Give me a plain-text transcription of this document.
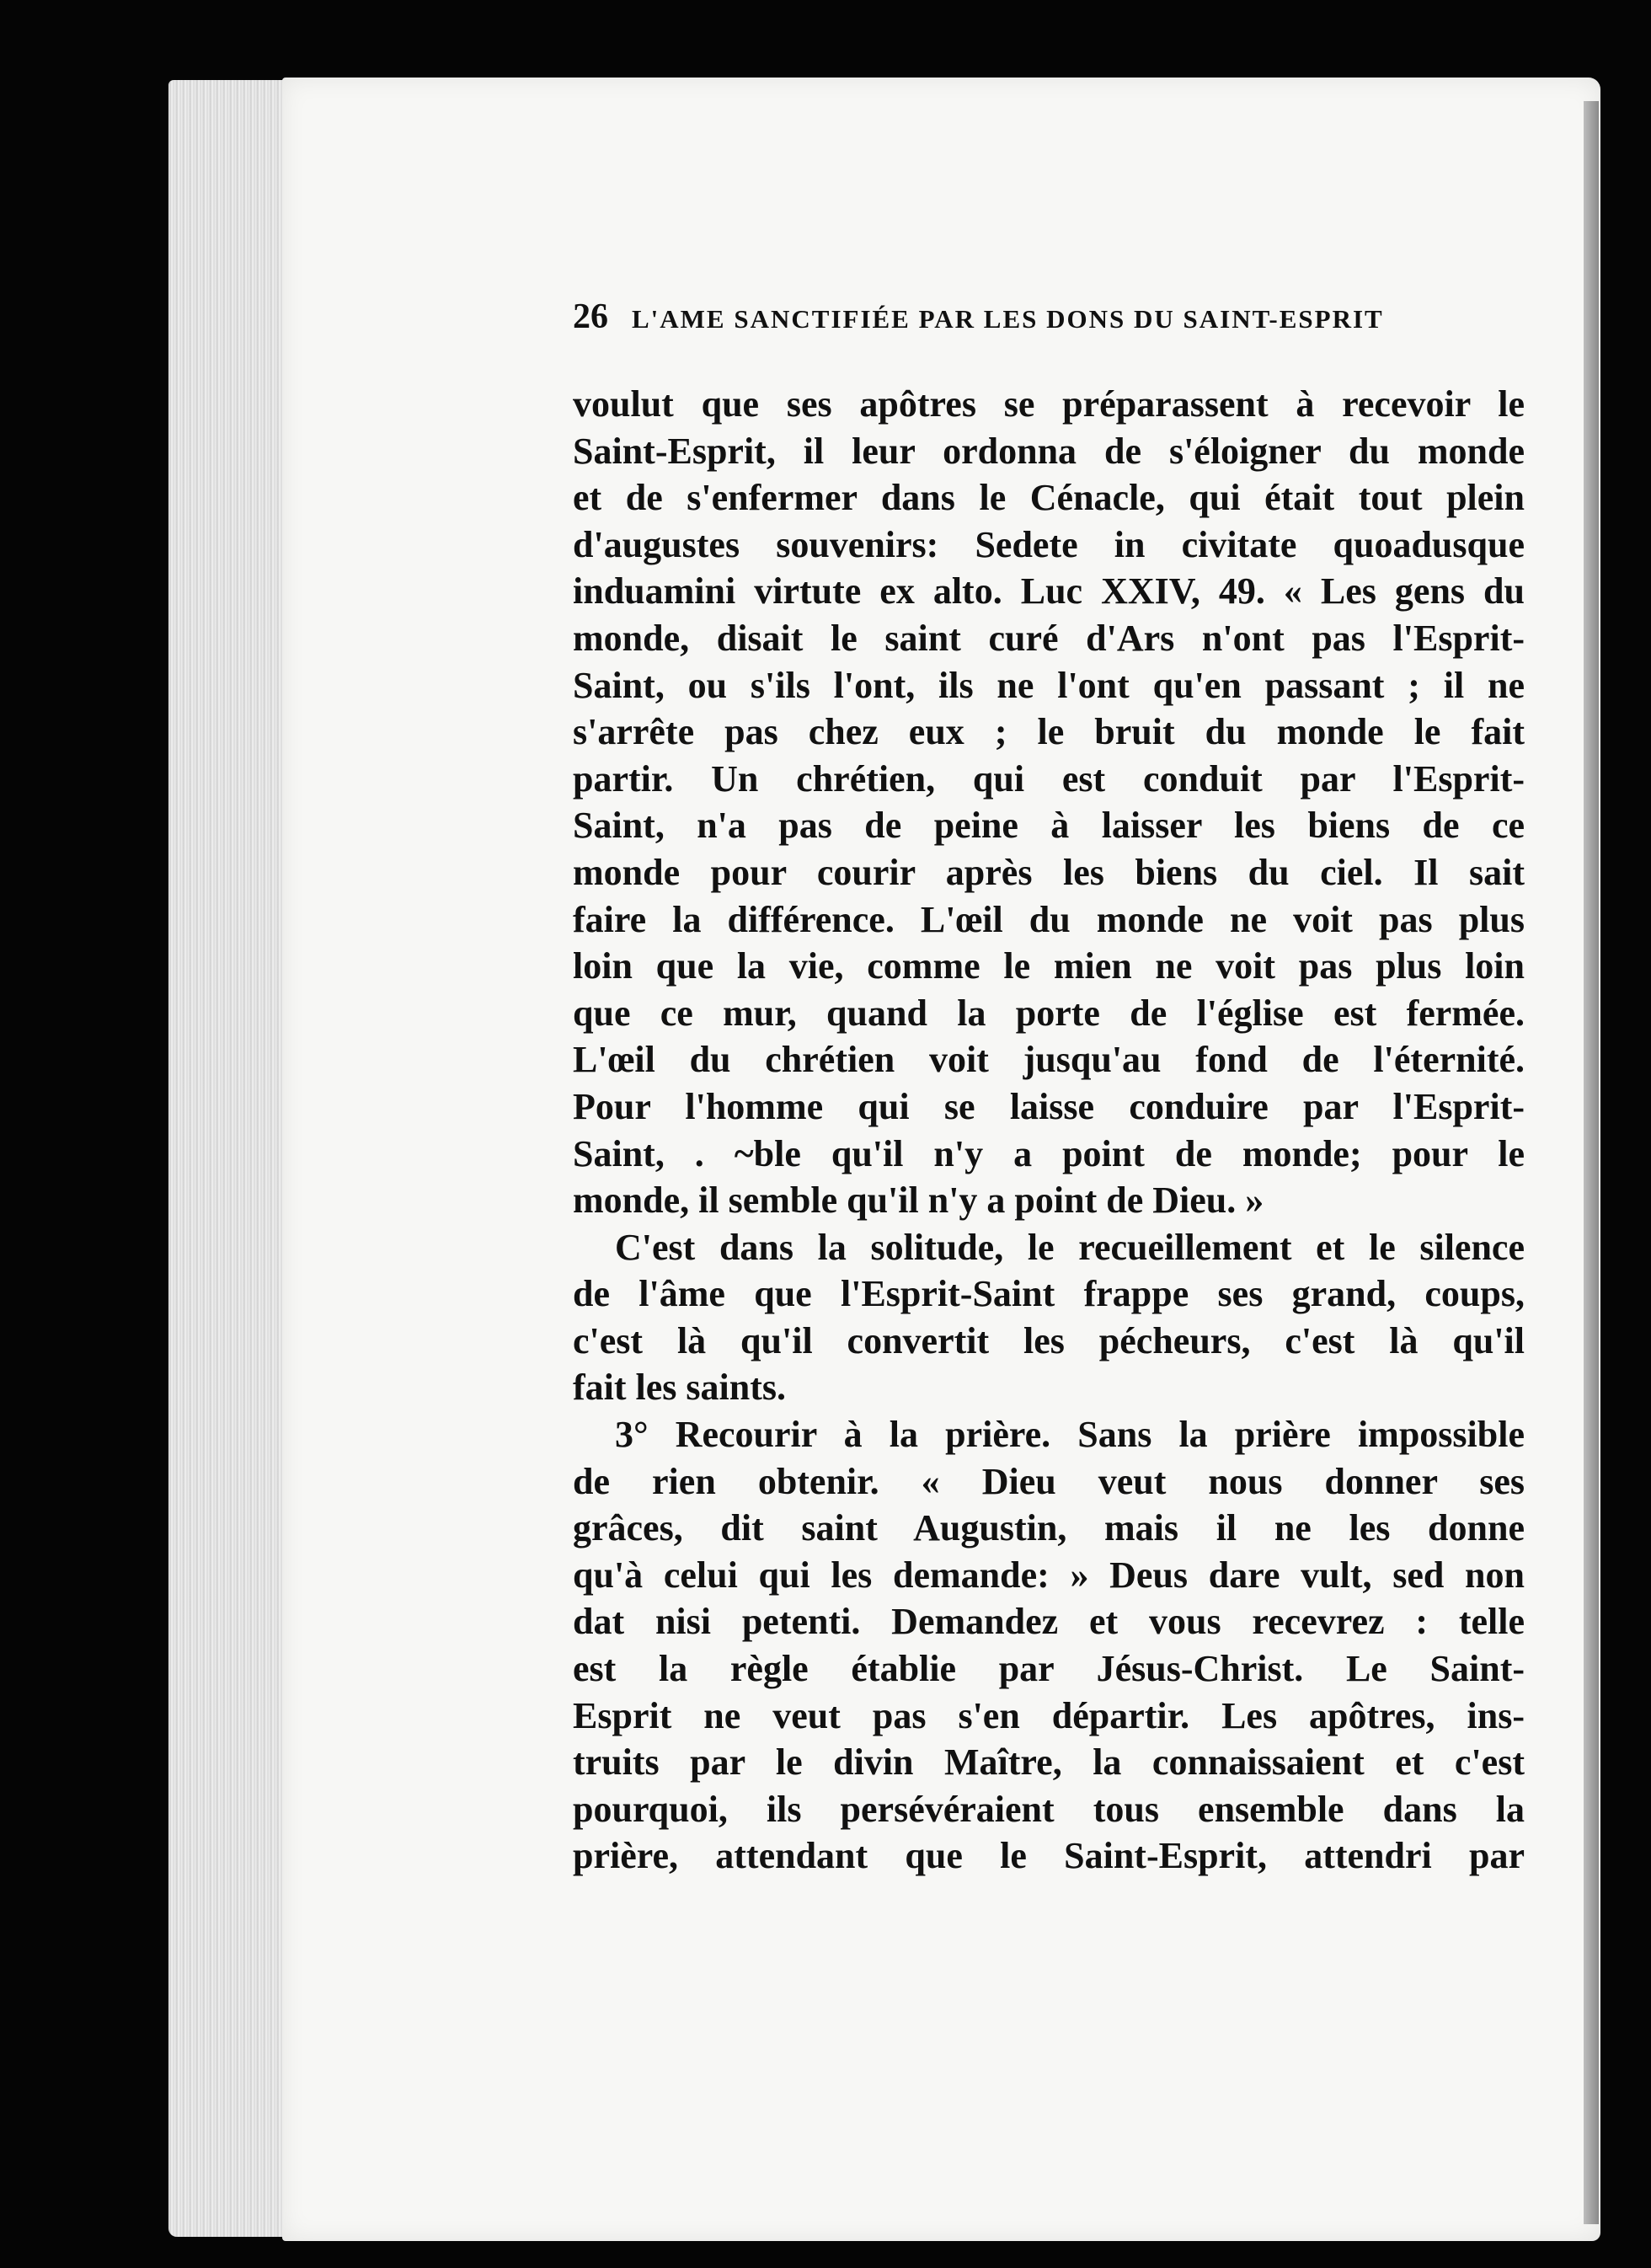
26 L'AME SANCTIFIÉE PAR LES DONS DU SAINT-ESPRIT
voulut que ses apôtres se préparassent à recevoir le
Saint-Esprit, il leur ordonna de s'éloigner du monde
et de s'enfermer dans le Cénacle, qui était tout plein
d'augustes souvenirs: Sedete in civitate quoadusque
induamini virtute ex alto. Luc XXIV, 49. « Les gens du
monde, disait le saint curé d'Ars n'ont pas l'Esprit-
Saint, ou s'ils l'ont, ils ne l'ont qu'en passant ; il ne
s'arrête pas chez eux ; le bruit du monde le fait
partir. Un chrétien, qui est conduit par l'Esprit-
Saint, n'a pas de peine à laisser les biens de ce
monde pour courir après les biens du ciel. Il sait
faire la différence. L'œil du monde ne voit pas plus
loin que la vie, comme le mien ne voit pas plus loin
que ce mur, quand la porte de l'église est fermée.
L'œil du chrétien voit jusqu'au fond de l'éternité.
Pour l'homme qui se laisse conduire par l'Esprit-
Saint, . ~ble qu'il n'y a point de monde; pour le
monde, il semble qu'il n'y a point de Dieu. »
C'est dans la solitude, le recueillement et le silence
de l'âme que l'Esprit-Saint frappe ses grand, coups,
c'est là qu'il convertit les pécheurs, c'est là qu'il
fait les saints.
3° Recourir à la prière. Sans la prière impossible
de rien obtenir. « Dieu veut nous donner ses
grâces, dit saint Augustin, mais il ne les donne
qu'à celui qui les demande: » Deus dare vult, sed non
dat nisi petenti. Demandez et vous recevrez : telle
est la règle établie par Jésus-Christ. Le Saint-
Esprit ne veut pas s'en départir. Les apôtres, ins-
truits par le divin Maître, la connaissaient et c'est
pourquoi, ils persévéraient tous ensemble dans la
prière, attendant que le Saint-Esprit, attendri par
